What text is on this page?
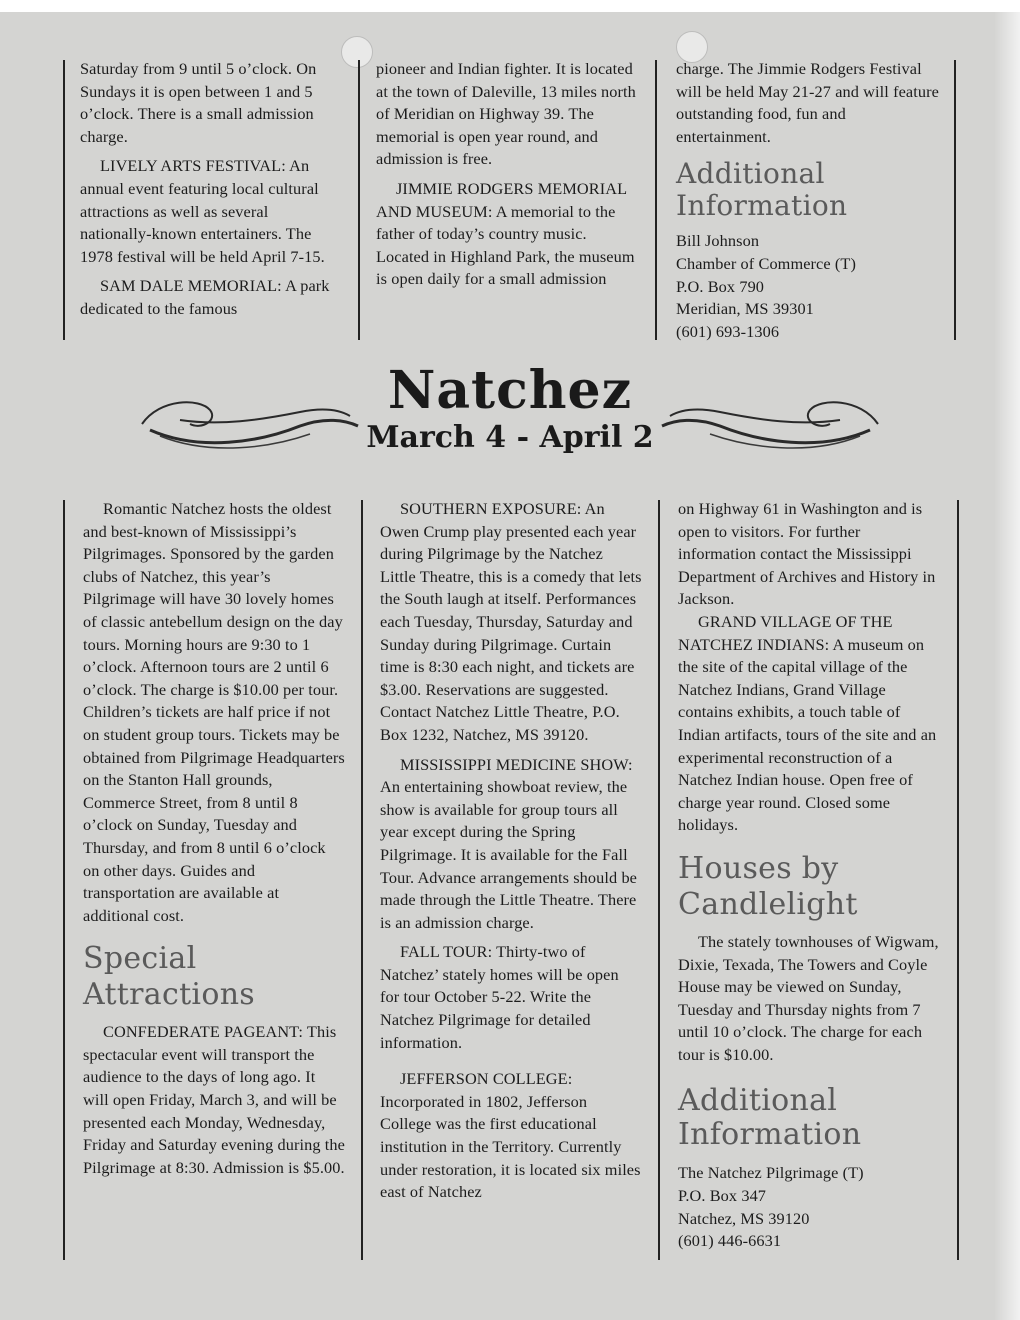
Saturday from 9 until 5 o’clock. On Sundays it is open between 1 and 5 o’clock. There is a small admission charge.

LIVELY ARTS FESTIVAL: An annual event featuring local cultural attractions as well as several nationally-known entertainers. The 1978 festival will be held April 7-15.

SAM DALE MEMORIAL: A park dedicated to the famous

pioneer and Indian fighter. It is located at the town of Daleville, 13 miles north of Meridian on Highway 39. The memorial is open year round, and admission is free.

JIMMIE RODGERS MEMORIAL AND MUSEUM: A memorial to the father of today’s country music. Located in Highland Park, the museum is open daily for a small admission

charge. The Jimmie Rodgers Festival will be held May 21-27 and will feature outstanding food, fun and entertainment.

Additional Information

Bill Johnson

Chamber of Commerce (T)

P.O. Box 790

Meridian, MS 39301

(601) 693-1306

Natchez
March 4 - April 2

Romantic Natchez hosts the oldest and best-known of Mississippi’s Pilgrimages. Sponsored by the garden clubs of Natchez, this year’s Pilgrimage will have 30 lovely homes of classic antebellum design on the day tours. Morning hours are 9:30 to 1 o’clock. Afternoon tours are 2 until 6 o’clock. The charge is $10.00 per tour. Children’s tickets are half price if not on student group tours. Tickets may be obtained from Pilgrimage Headquarters on the Stanton Hall grounds, Commerce Street, from 8 until 8 o’clock on Sunday, Tuesday and Thursday, and from 8 until 6 o’clock on other days. Guides and transportation are available at additional cost.

Special Attractions

CONFEDERATE PAGEANT: This spectacular event will transport the audience to the days of long ago. It will open Friday, March 3, and will be presented each Monday, Wednesday, Friday and Saturday evening during the Pilgrimage at 8:30. Admission is $5.00.

SOUTHERN EXPOSURE: An Owen Crump play presented each year during Pilgrimage by the Natchez Little Theatre, this is a comedy that lets the South laugh at itself. Performances each Tuesday, Thursday, Saturday and Sunday during Pilgrimage. Curtain time is 8:30 each night, and tickets are $3.00. Reservations are suggested. Contact Natchez Little Theatre, P.O. Box 1232, Natchez, MS 39120.

MISSISSIPPI MEDICINE SHOW: An entertaining showboat review, the show is available for group tours all year except during the Spring Pilgrimage. It is available for the Fall Tour. Advance arrangements should be made through the Little Theatre. There is an admission charge.

FALL TOUR: Thirty-two of Natchez’ stately homes will be open for tour October 5-22. Write the Natchez Pilgrimage for detailed information.

JEFFERSON COLLEGE: Incorporated in 1802, Jefferson College was the first educational institution in the Territory. Currently under restoration, it is located six miles east of Natchez

on Highway 61 in Washington and is open to visitors. For further information contact the Mississippi Department of Archives and History in Jackson.

GRAND VILLAGE OF THE NATCHEZ INDIANS: A museum on the site of the capital village of the Natchez Indians, Grand Village contains exhibits, a touch table of Indian artifacts, tours of the site and an experimental reconstruction of a Natchez Indian house. Open free of charge year round. Closed some holidays.

Houses by Candlelight

The stately townhouses of Wigwam, Dixie, Texada, The Towers and Coyle House may be viewed on Sunday, Tuesday and Thursday nights from 7 until 10 o’clock. The charge for each tour is $10.00.

Additional Information

The Natchez Pilgrimage (T)

P.O. Box 347

Natchez, MS 39120

(601) 446-6631
